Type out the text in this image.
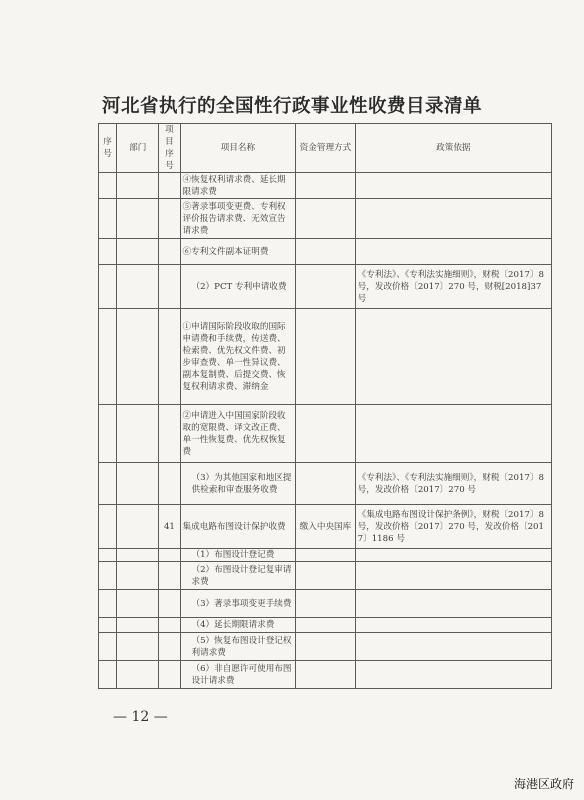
河北省执行的全国性行政事业性收费目录清单
序号	部门	项目序号	项目名称	资金管理方式	政策依据
			④恢复权利请求费、延长期限请求费		
			⑤著录事项变更费、专利权评价报告请求费、无效宣告请求费		
			⑥专利文件副本证明费		
			（2）PCT 专利申请收费		《专利法》、《专利法实施细则》，财税〔2017〕8 号，发改价格〔2017〕270 号，财税[2018]37 号
			①申请国际阶段收取的国际申请费和手续费，传送费、检索费、优先权文件费、初步审查费、单一性异议费、副本复制费、后提交费、恢复权利请求费、滞纳金		
			②申请进入中国国家阶段收取的宽限费、译文改正费、单一性恢复费、优先权恢复费		
			（3）为其他国家和地区提供检索和审查服务收费		《专利法》、《专利法实施细则》，财税〔2017〕8 号，发改价格〔2017〕270 号
		41	集成电路布图设计保护收费	缴入中央国库	《集成电路布图设计保护条例》，财税〔2017〕8 号，发改价格〔2017〕270 号，发改价格〔2017〕1186 号
			（1）布图设计登记费		
			（2）布图设计登记复审请求费		
			（3）著录事项变更手续费		
			（4）延长期限请求费		
			（5）恢复布图设计登记权利请求费		
			（6）非自愿许可使用布图设计请求费		
— 12 —
海港区政府
